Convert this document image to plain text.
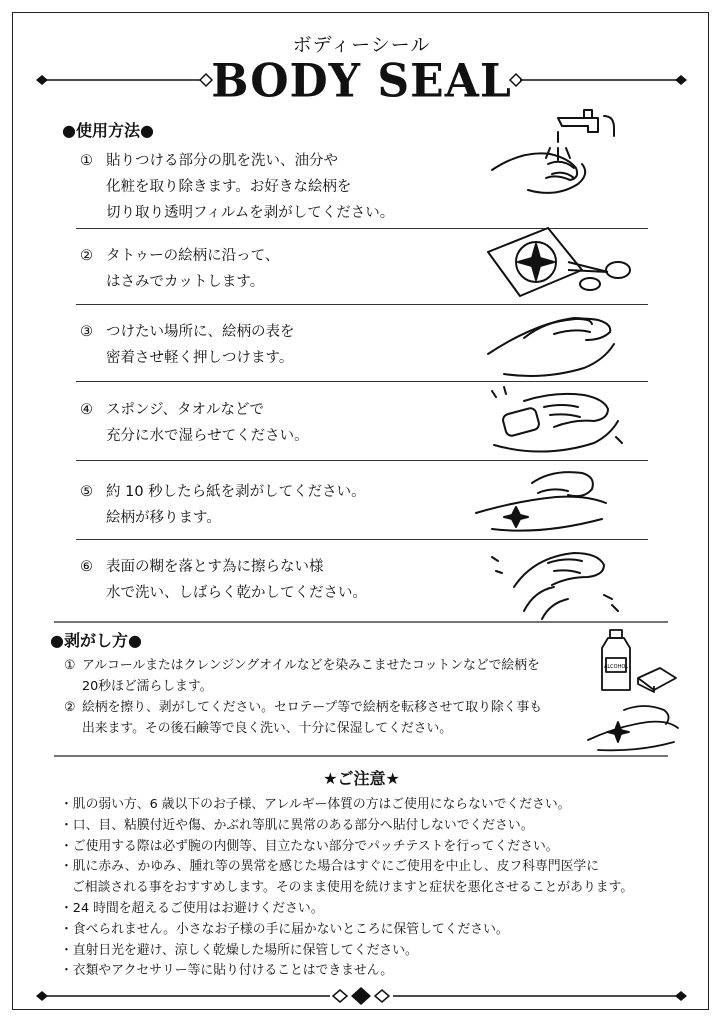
ボディーシール
BODY SEAL
●使用方法●
① 貼りつける部分の肌を洗い、油分や
化粧を取り除きます。お好きな絵柄を
切り取り透明フィルムを剥がしてください。
② タトゥーの絵柄に沿って、
はさみでカットします。
③ つけたい場所に、絵柄の表を
密着させ軽く押しつけます。
④ スポンジ、タオルなどで
充分に水で湿らせてください。
⑤ 約 10 秒したら紙を剥がしてください。
絵柄が移ります。
⑥ 表面の糊を落とす為に擦らない様
水で洗い、しばらく乾かしてください。
●剥がし方●
① アルコールまたはクレンジングオイルなどを染みこませたコットンなどで絵柄を
20秒ほど濡らします。
② 絵柄を擦り、剥がしてください。セロテープ等で絵柄を転移させて取り除く事も
出来ます。その後石鹸等で良く洗い、十分に保湿してください。
ALCOHOL
★ご注意★
・肌の弱い方、6 歳以下のお子様、アレルギー体質の方はご使用にならないでください。
・口、目、粘膜付近や傷、かぶれ等肌に異常のある部分へ貼付しないでください。
・ご使用する際は必ず腕の内側等、目立たない部分でパッチテストを行ってください。
・肌に赤み、かゆみ、腫れ等の異常を感じた場合はすぐにご使用を中止し、皮フ科専門医学に
ご相談される事をおすすめします。そのまま使用を続けますと症状を悪化させることがあります。
・24 時間を超えるご使用はお避けください。
・食べられません。小さなお子様の手に届かないところに保管してください。
・直射日光を避け、涼しく乾燥した場所に保管してください。
・衣類やアクセサリー等に貼り付けることはできません。
